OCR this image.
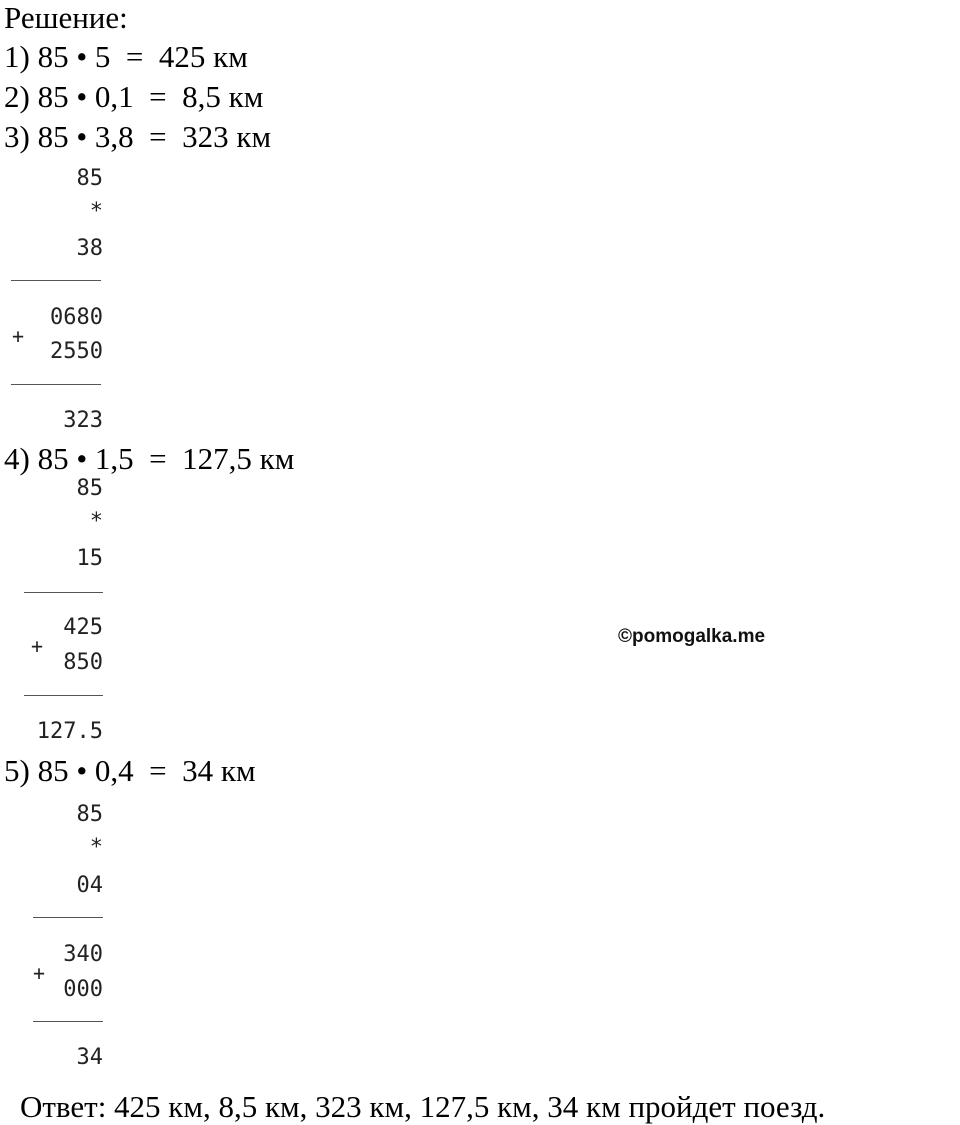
Решение:
1) 85 • 5  =  425 км
2) 85 • 0,1  =  8,5 км
3) 85 • 3,8  =  323 км
85
*
38
0680
+
2550
323
4) 85 • 1,5  =  127,5 км
85
*
15
425
+
850
127.5
©pomogalka.me
5) 85 • 0,4  =  34 км
85
*
04
340
+
000
34
Ответ: 425 км, 8,5 км, 323 км, 127,5 км, 34 км пройдет поезд.
